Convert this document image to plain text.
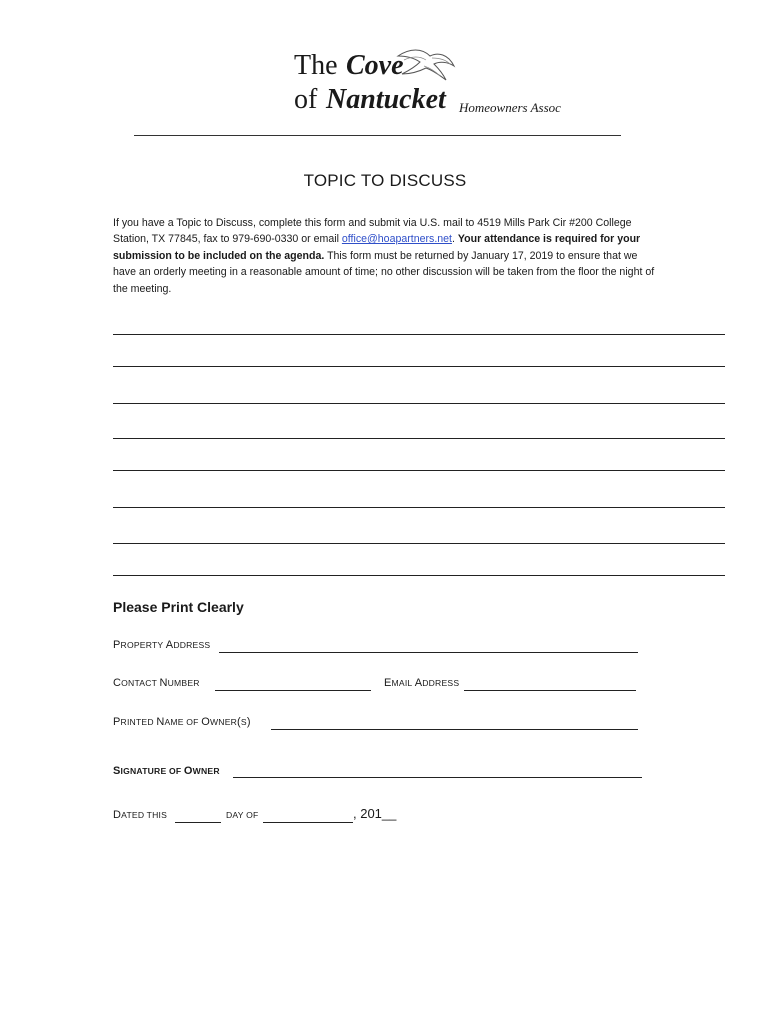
The Cove
of Nantucket Homeowners Assoc
TOPIC TO DISCUSS

If you have a Topic to Discuss, complete this form and submit via U.S. mail to 4519 Mills Park Cir #200 College Station, TX 77845, fax to 979-690-0330 or email office@hoapartners.net. Your attendance is required for your submission to be included on the agenda. This form must be returned by January 17, 2019 to ensure that we have an orderly meeting in a reasonable amount of time; no other discussion will be taken from the floor the night of the meeting.

Please Print Clearly
PROPERTY ADDRESS
CONTACT NUMBER	EMAIL ADDRESS
PRINTED NAME OF OWNER(S)
SIGNATURE OF OWNER
DATED THIS	DAY OF	, 201__
